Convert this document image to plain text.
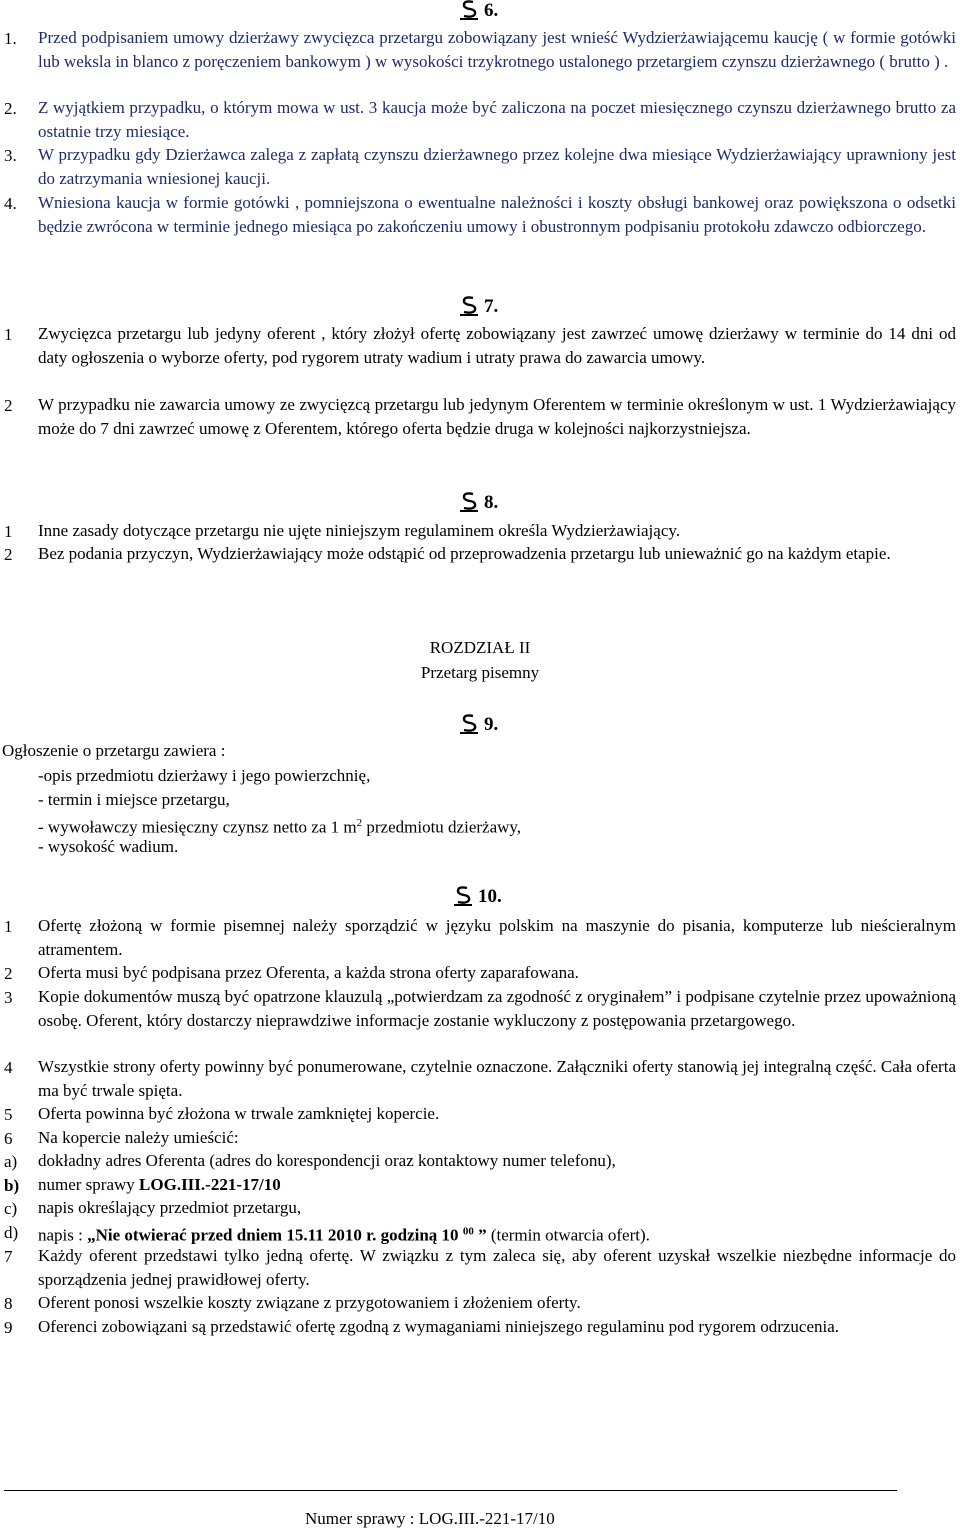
6.
1.	Przed podpisaniem umowy dzierżawy zwycięzca przetargu zobowiązany jest wnieść Wydzierżawiającemu kaucję ( w formie gotówki lub weksla in blanco z poręczeniem bankowym ) w wysokości trzykrotnego ustalonego przetargiem czynszu dzierżawnego ( brutto ) .
2.	Z wyjątkiem przypadku, o którym mowa w ust. 3 kaucja może być zaliczona na poczet miesięcznego czynszu dzierżawnego brutto za ostatnie trzy miesiące.
3.	W przypadku gdy Dzierżawca zalega z zapłatą czynszu dzierżawnego przez kolejne dwa miesiące Wydzierżawiający uprawniony jest do zatrzymania wniesionej kaucji.
4.	Wniesiona kaucja w formie gotówki , pomniejszona o ewentualne należności i koszty obsługi bankowej oraz powiększona o odsetki będzie zwrócona w terminie jednego miesiąca po zakończeniu umowy i obustronnym podpisaniu protokołu zdawczo odbiorczego.
7.
1	Zwycięzca przetargu lub jedyny oferent , który złożył ofertę zobowiązany jest zawrzeć umowę dzierżawy w terminie do 14 dni od daty ogłoszenia o wyborze oferty, pod rygorem utraty wadium i utraty prawa do zawarcia umowy.
2	W przypadku nie zawarcia umowy ze zwycięzcą przetargu lub jedynym Oferentem w terminie określonym w ust. 1 Wydzierżawiający może do 7 dni zawrzeć umowę z Oferentem, którego oferta będzie druga w kolejności najkorzystniejsza.
8.
1	Inne zasady dotyczące przetargu nie ujęte niniejszym regulaminem określa Wydzierżawiający.
2	Bez podania przyczyn, Wydzierżawiający może odstąpić od przeprowadzenia przetargu lub unieważnić go na każdym etapie.
ROZDZIAŁ II
Przetarg pisemny
9.
Ogłoszenie o przetargu zawiera :
-opis przedmiotu dzierżawy i jego powierzchnię,
- termin i miejsce przetargu,
- wywoławczy miesięczny czynsz netto za 1 $m^2$ przedmiotu dzierżawy,
- wysokość wadium.
10.
1	Ofertę złożoną w formie pisemnej należy sporządzić w języku polskim na maszynie do pisania, komputerze lub nieścieralnym atramentem.
2	Oferta musi być podpisana przez Oferenta, a każda strona oferty zaparafowana.
3	Kopie dokumentów muszą być opatrzone klauzulą „potwierdzam za zgodność z oryginałem” i podpisane czytelnie przez upoważnioną osobę. Oferent, który dostarczy nieprawdziwe informacje zostanie wykluczony z postępowania przetargowego.
4	Wszystkie strony oferty powinny być ponumerowane, czytelnie oznaczone. Załączniki oferty stanowią jej integralną część. Cała oferta ma być trwale spięta.
5	Oferta powinna być złożona w trwale zamkniętej kopercie.
6	Na kopercie należy umieścić:
a)	dokładny adres Oferenta (adres do korespondencji oraz kontaktowy numer telefonu),
b)	numer sprawy LOG.III.-221-17/10
c)	napis określający przedmiot przetargu,
d)	napis : „Nie otwierać przed dniem 15.11 2010 r. godziną 10 $^{00}$ ” (termin otwarcia ofert).
7	Każdy oferent przedstawi tylko jedną ofertę. W związku z tym zaleca się, aby oferent uzyskał wszelkie niezbędne informacje do sporządzenia jednej prawidłowej oferty.
8	Oferent ponosi wszelkie koszty związane z przygotowaniem i złożeniem oferty.
9	Oferenci zobowiązani są przedstawić ofertę zgodną z wymaganiami niniejszego regulaminu pod rygorem odrzucenia.
Numer sprawy : LOG.III.-221-17/10
